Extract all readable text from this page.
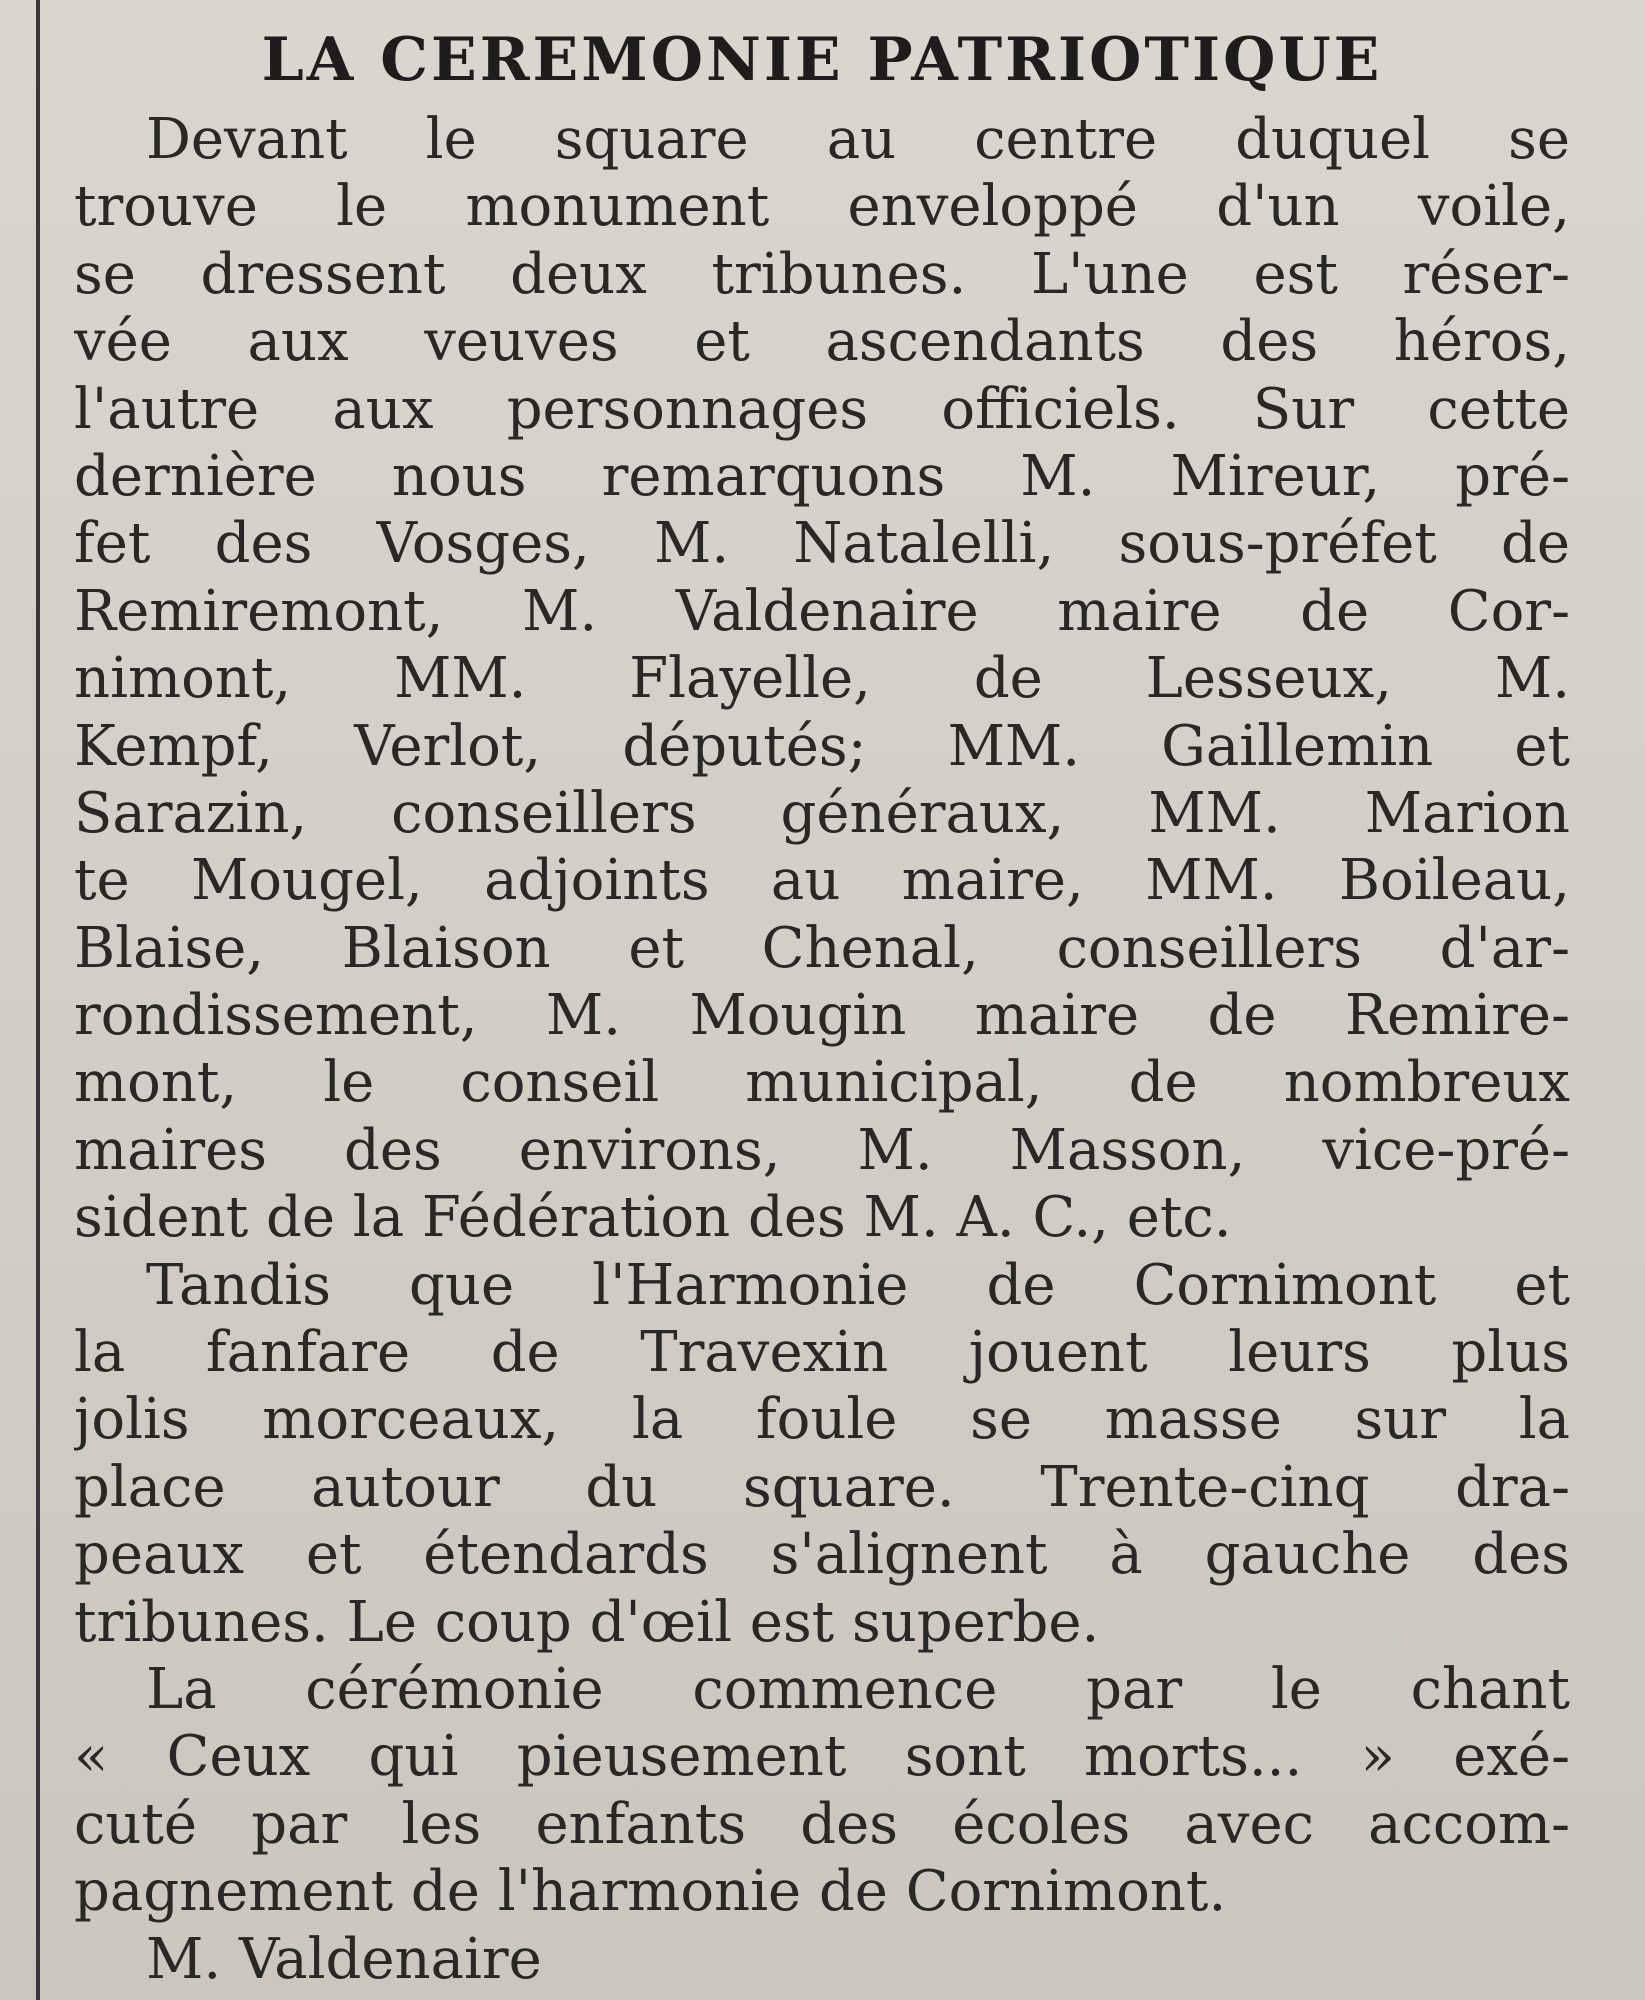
LA CEREMONIE PATRIOTIQUE
Devant le square au centre duquel se
trouve le monument enveloppé d'un voile,
se dressent deux tribunes. L'une est réser-
vée aux veuves et ascendants des héros,
l'autre aux personnages officiels. Sur cette
dernière nous remarquons M. Mireur, pré-
fet des Vosges, M. Natalelli, sous-préfet de
Remiremont, M. Valdenaire maire de Cor-
nimont, MM. Flayelle, de Lesseux, M.
Kempf, Verlot, députés; MM. Gaillemin et
Sarazin, conseillers généraux, MM. Marion
te Mougel, adjoints au maire, MM. Boileau,
Blaise, Blaison et Chenal, conseillers d'ar-
rondissement, M. Mougin maire de Remire-
mont, le conseil municipal, de nombreux
maires des environs, M. Masson, vice-pré-
sident de la Fédération des M. A. C., etc.
Tandis que l'Harmonie de Cornimont et
la fanfare de Travexin jouent leurs plus
jolis morceaux, la foule se masse sur la
place autour du square. Trente-cinq dra-
peaux et étendards s'alignent à gauche des
tribunes. Le coup d'œil est superbe.
La cérémonie commence par le chant
« Ceux qui pieusement sont morts... » exé-
cuté par les enfants des écoles avec accom-
pagnement de l'harmonie de Cornimont.
M. Valdenaire
